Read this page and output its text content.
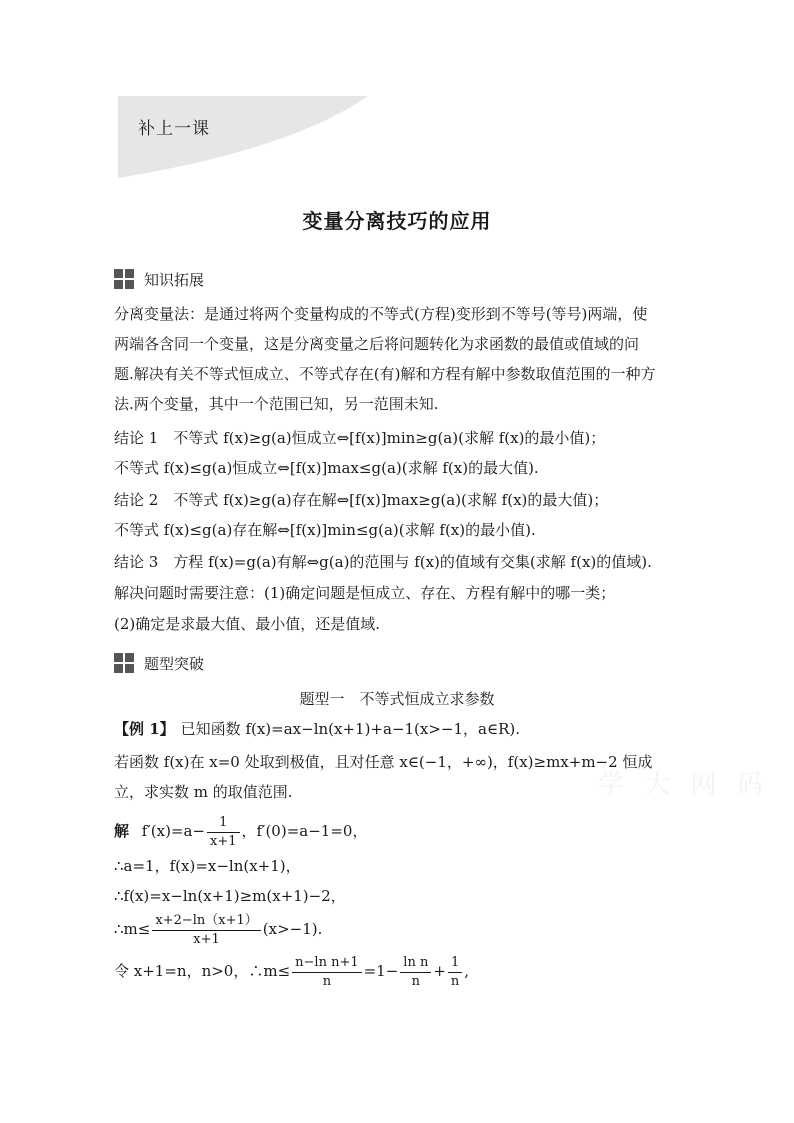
补上一课
变量分离技巧的应用
知识拓展
分离变量法：是通过将两个变量构成的不等式(方程)变形到不等号(等号)两端，使
两端各含同一个变量，这是分离变量之后将问题转化为求函数的最值或值域的问
题.解决有关不等式恒成立、不等式存在(有)解和方程有解中参数取值范围的一种方
法.两个变量，其中一个范围已知，另一范围未知.
结论 1　不等式 f(x)≥g(a)恒成立⇔[f(x)]min≥g(a)(求解 f(x)的最小值)；
不等式 f(x)≤g(a)恒成立⇔[f(x)]max≤g(a)(求解 f(x)的最大值).
结论 2　不等式 f(x)≥g(a)存在解⇔[f(x)]max≥g(a)(求解 f(x)的最大值)；
不等式 f(x)≤g(a)存在解⇔[f(x)]min≤g(a)(求解 f(x)的最小值).
结论 3　方程 f(x)=g(a)有解⇔g(a)的范围与 f(x)的值域有交集(求解 f(x)的值域).
解决问题时需要注意：(1)确定问题是恒成立、存在、方程有解中的哪一类；
(2)确定是求最大值、最小值，还是值域.
题型突破
题型一　不等式恒成立求参数
【例 1】 已知函数 f(x)=ax−ln(x+1)+a−1(x>−1，a∈R).
若函数 f(x)在 x=0 处取到极值，且对任意 x∈(−1，+∞)，f(x)≥mx+m−2 恒成
立，求实数 m 的取值范围.
解 $f'(x)=a- \frac{1}{x+1}$ ，f′(0)=a−1=0，
∴a=1，f(x)=x−ln(x+1)，
∴f(x)=x−ln(x+1)≥m(x+1)−2，
∴m≤ $\frac{x+2-\ln(x+1)}{x+1} (x>-1)$.
令 x+1=n，n>0，∴m≤ $\frac{\text{n−ln n+1}}{n} =1- \frac{\text{ln n}}{n} + \frac{1}{n}$ ,
学 大 网 码
